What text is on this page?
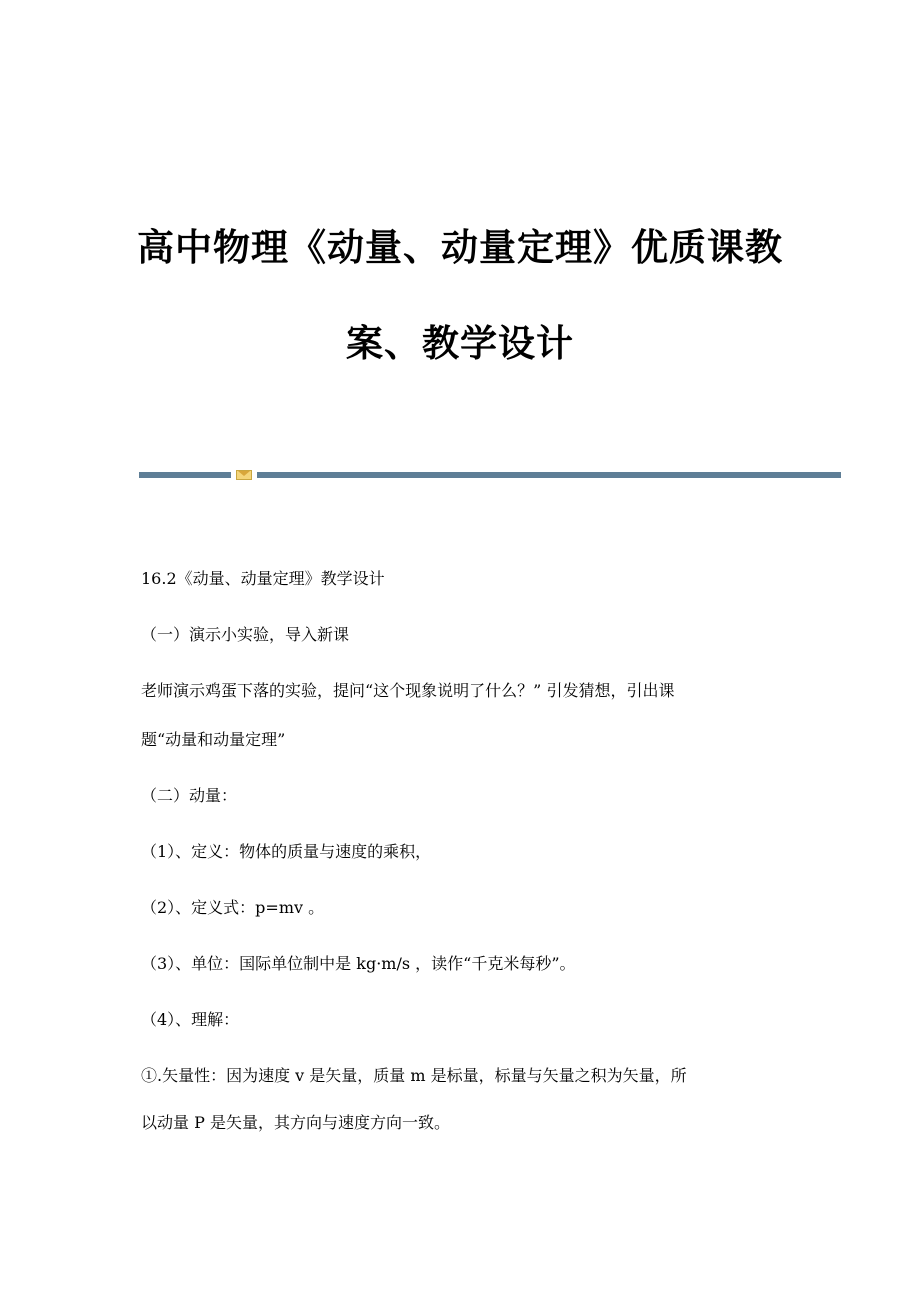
高中物理《动量、动量定理》优质课教
案、教学设计
16.2《动量、动量定理》教学设计
（一）演示小实验，导入新课
老师演示鸡蛋下落的实验，提问“这个现象说明了什么？” 引发猜想，引出课
题“动量和动量定理”
（二）动量：
（1）、定义：物体的质量与速度的乘积，
（2）、定义式：p=mv 。
（3）、单位：国际单位制中是 kg·m/s ，读作“千克米每秒”。
（4）、理解：
①.矢量性：因为速度 v 是矢量，质量 m 是标量，标量与矢量之积为矢量，所
以动量 P 是矢量，其方向与速度方向一致。
